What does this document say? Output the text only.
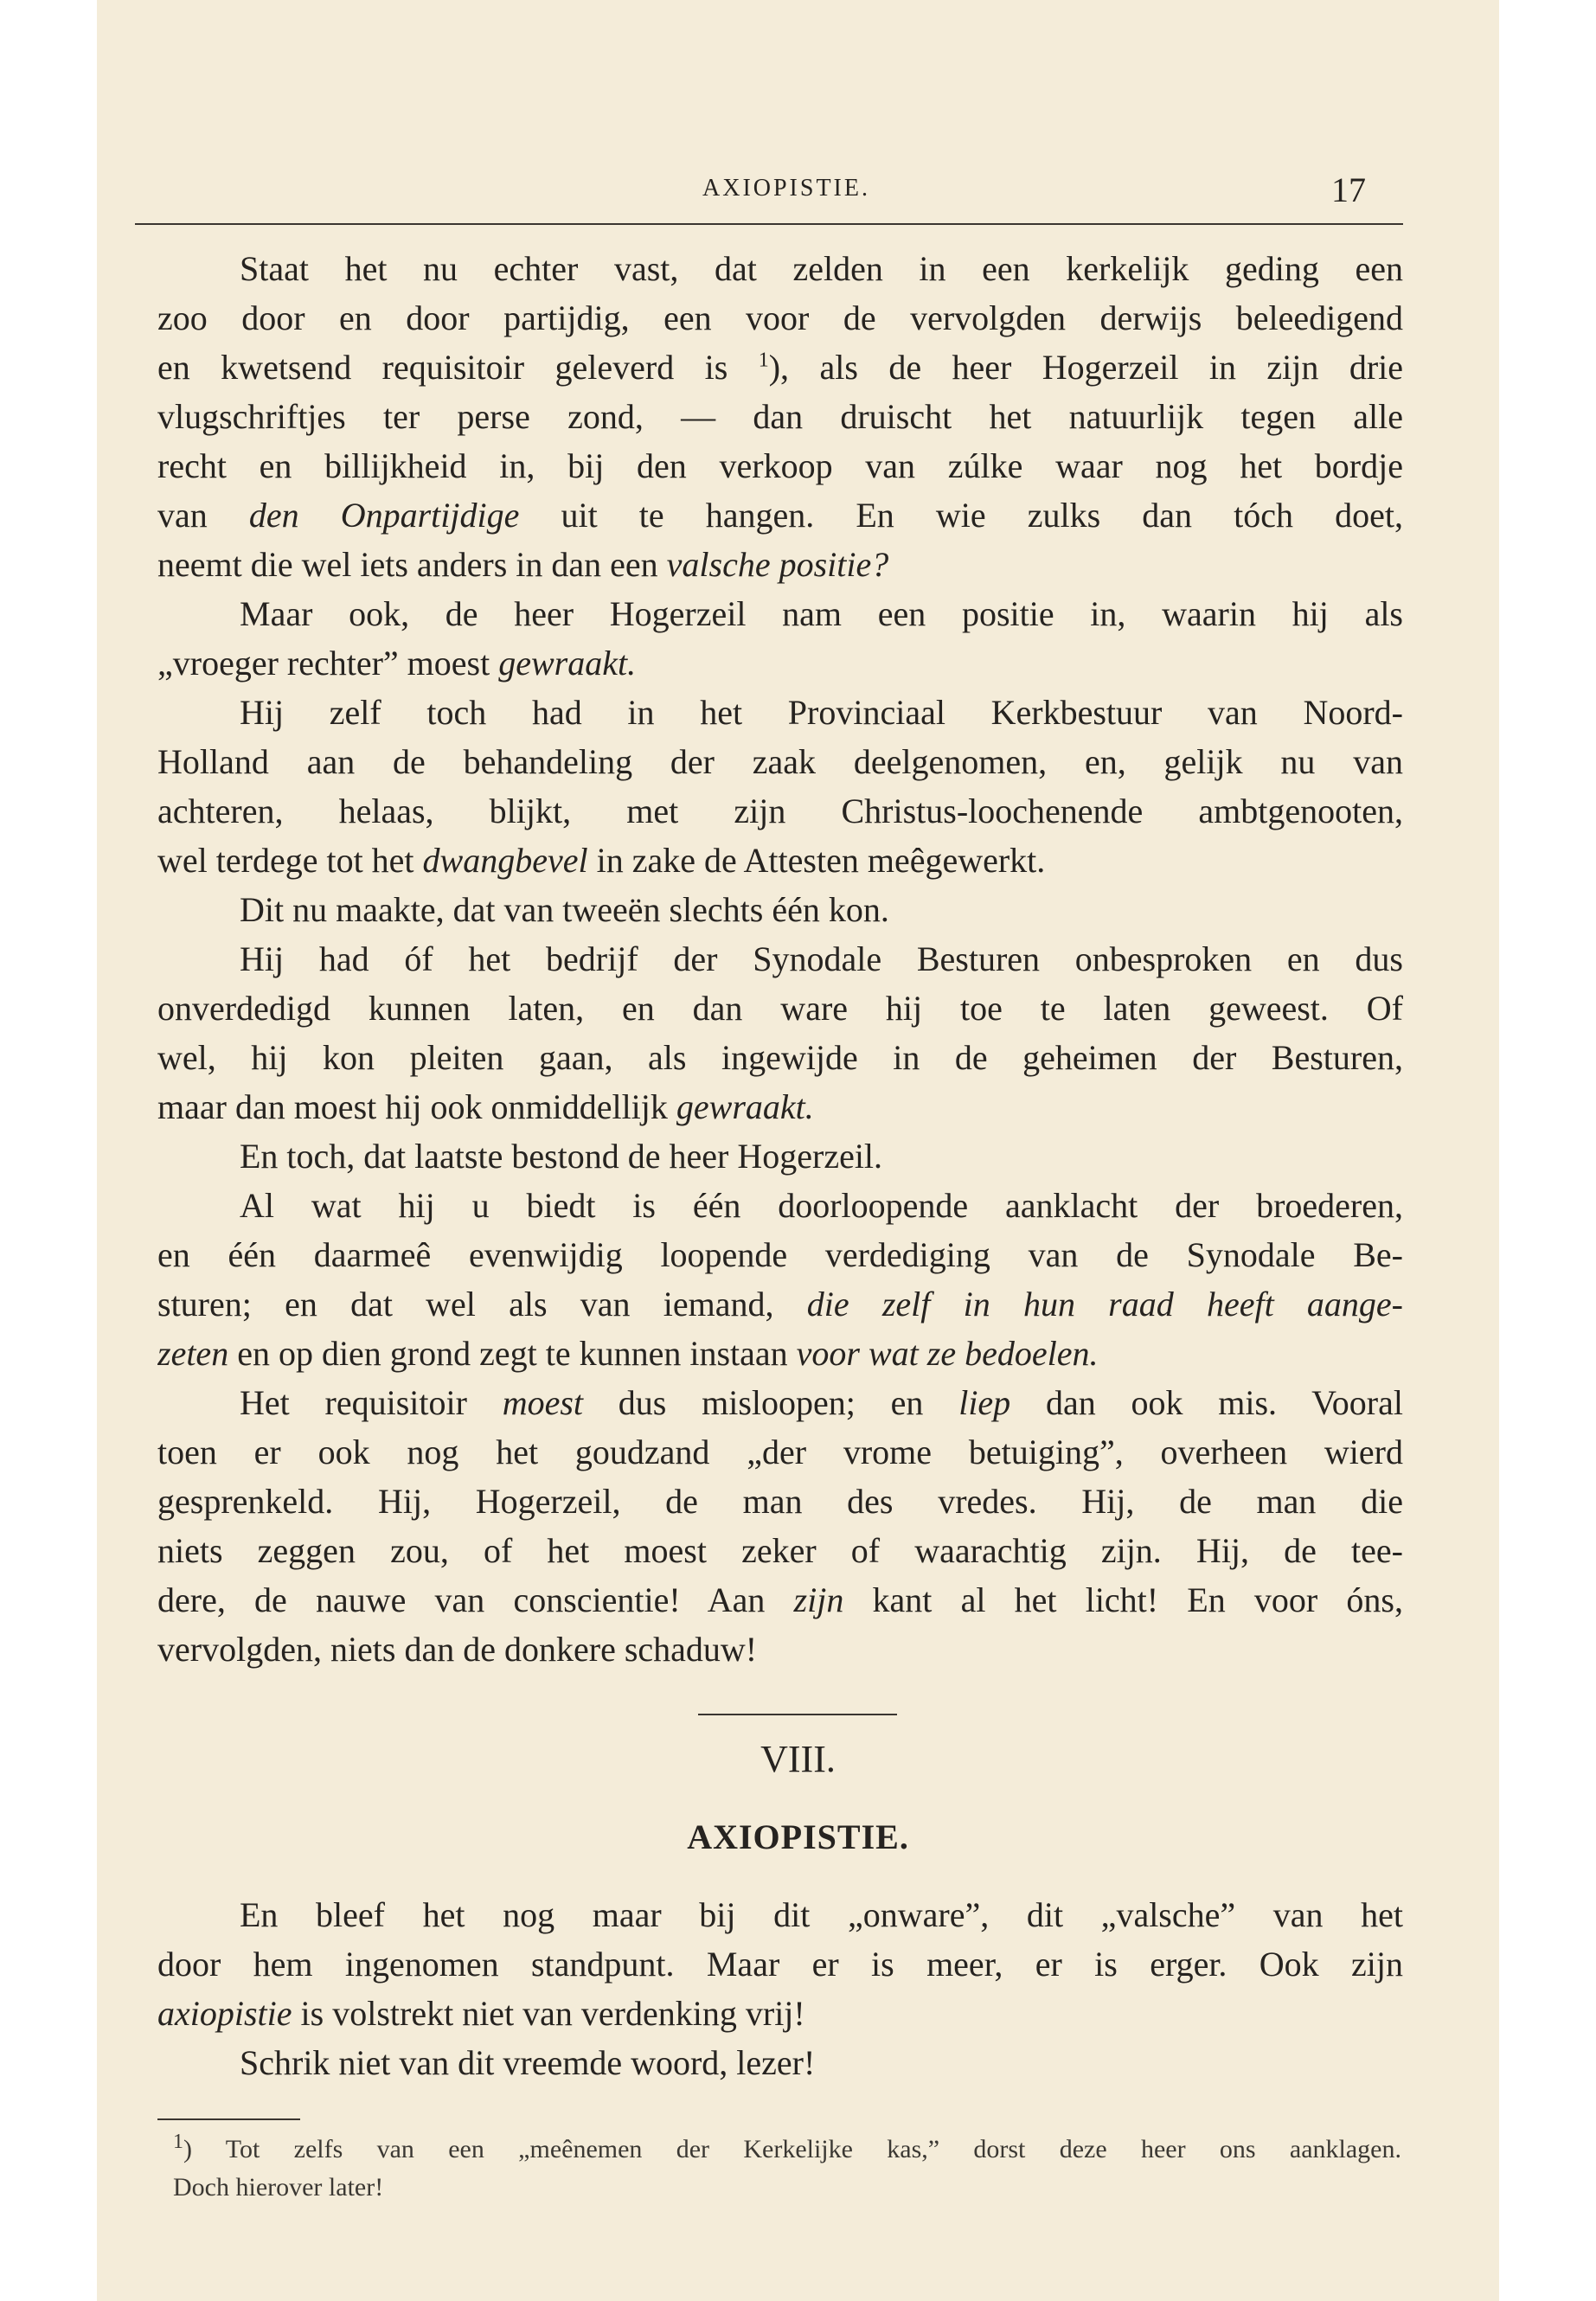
AXIOPISTIE.	17
Staat het nu echter vast, dat zelden in een kerkelijk geding een
zoo door en door partijdig, een voor de vervolgden derwijs beleedigend
en kwetsend requisitoir geleverd is $^1$), als de heer Hogerzeil in zijn drie
vlugschriftjes ter perse zond, — dan druischt het natuurlijk tegen alle
recht en billijkheid in, bij den verkoop van zúlke waar nog het bordje
van den Onpartijdige uit te hangen. En wie zulks dan tóch doet,
neemt die wel iets anders in dan een valsche positie?
Maar ook, de heer Hogerzeil nam een positie in, waarin hij als
„vroeger rechter” moest gewraakt.
Hij zelf toch had in het Provinciaal Kerkbestuur van Noord-
Holland aan de behandeling der zaak deelgenomen, en, gelijk nu van
achteren, helaas, blijkt, met zijn Christus-loochenende ambtgenooten,
wel terdege tot het dwangbevel in zake de Attesten meêgewerkt.
Dit nu maakte, dat van tweeën slechts één kon.
Hij had óf het bedrijf der Synodale Besturen onbesproken en dus
onverdedigd kunnen laten, en dan ware hij toe te laten geweest. Of
wel, hij kon pleiten gaan, als ingewijde in de geheimen der Besturen,
maar dan moest hij ook onmiddellijk gewraakt.
En toch, dat laatste bestond de heer Hogerzeil.
Al wat hij u biedt is één doorloopende aanklacht der broederen,
en één daarmeê evenwijdig loopende verdediging van de Synodale Be-
sturen; en dat wel als van iemand, die zelf in hun raad heeft aange-
zeten en op dien grond zegt te kunnen instaan voor wat ze bedoelen.
Het requisitoir moest dus misloopen; en liep dan ook mis. Vooral
toen er ook nog het goudzand „der vrome betuiging”, overheen wierd
gesprenkeld. Hij, Hogerzeil, de man des vredes. Hij, de man die
niets zeggen zou, of het moest zeker of waarachtig zijn. Hij, de tee-
dere, de nauwe van conscientie! Aan zijn kant al het licht! En voor óns,
vervolgden, niets dan de donkere schaduw!
VIII.
AXIOPISTIE.
En bleef het nog maar bij dit „onware”, dit „valsche” van het
door hem ingenomen standpunt. Maar er is meer, er is erger. Ook zijn
axiopistie is volstrekt niet van verdenking vrij!
Schrik niet van dit vreemde woord, lezer!
$^1$) Tot zelfs van een „meênemen der Kerkelijke kas,” dorst deze heer ons aanklagen.
Doch hierover later!
